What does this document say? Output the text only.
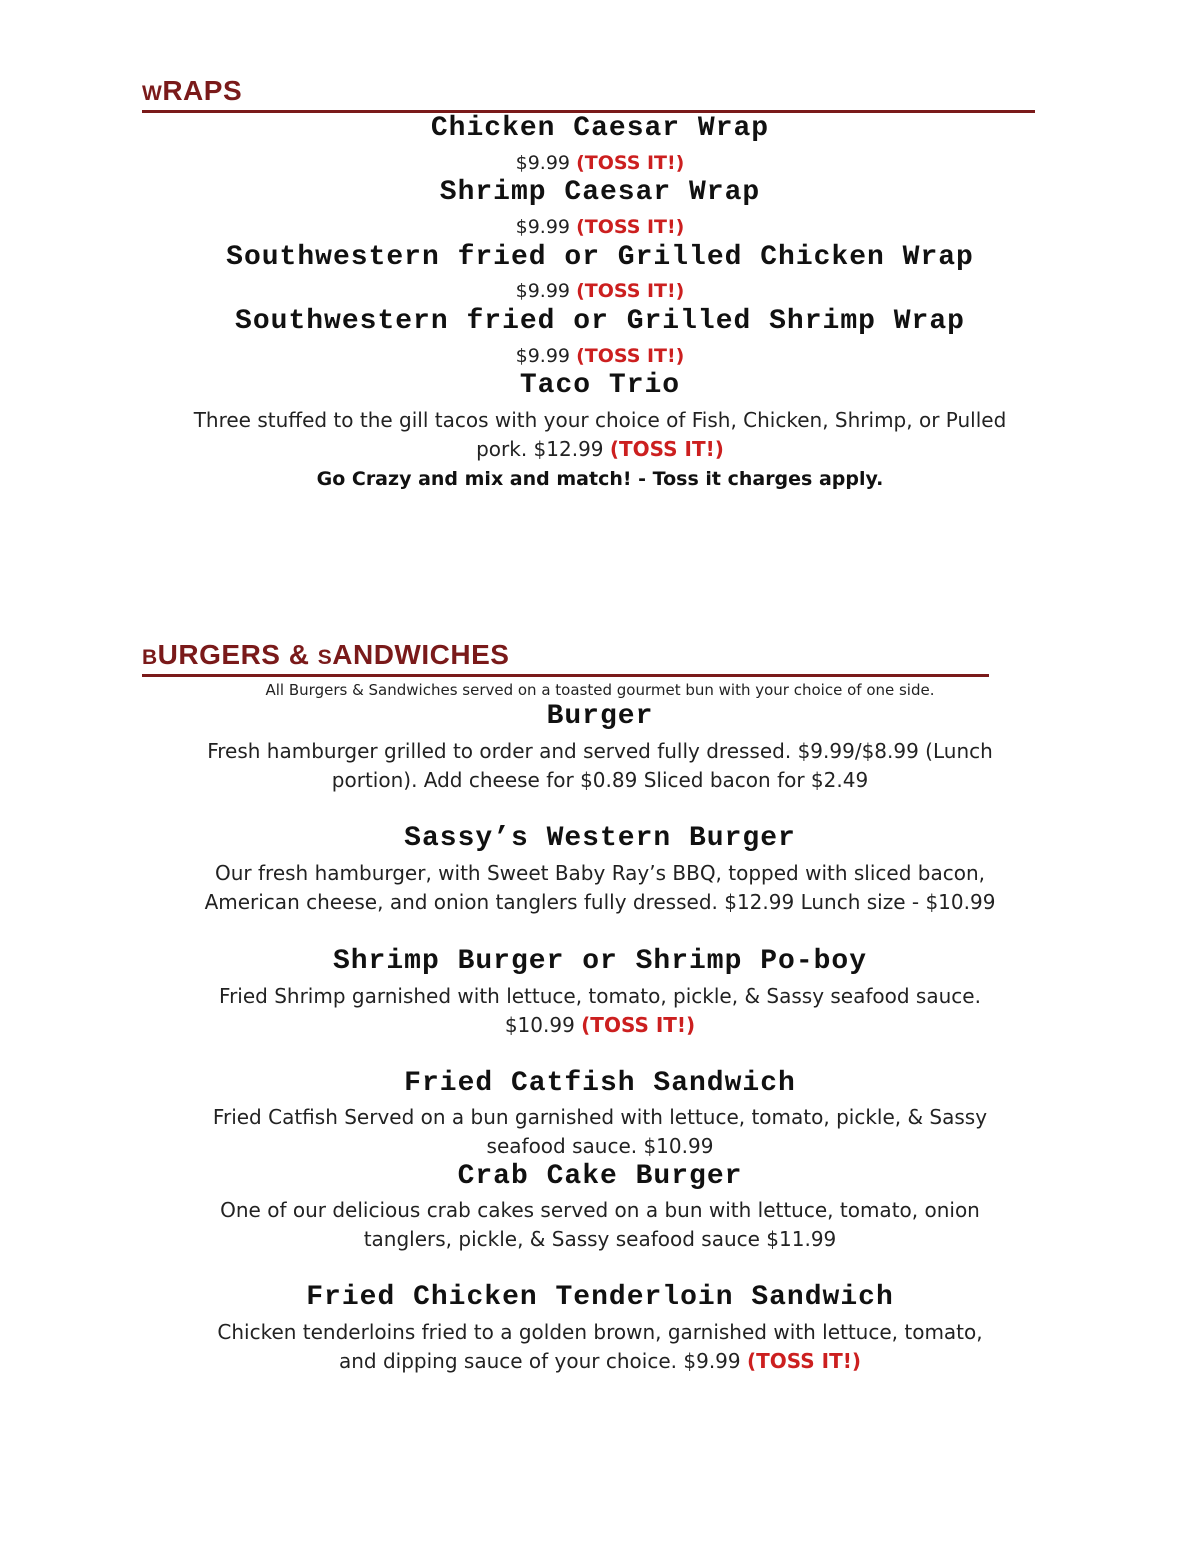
WRAPS
Chicken Caesar Wrap
$9.99 (TOSS IT!)
Shrimp Caesar Wrap
$9.99 (TOSS IT!)
Southwestern fried or Grilled Chicken Wrap
$9.99 (TOSS IT!)
Southwestern fried or Grilled Shrimp Wrap
$9.99 (TOSS IT!)
Taco Trio
Three stuffed to the gill tacos with your choice of Fish, Chicken, Shrimp, or Pulled
pork. $12.99 (TOSS IT!)
Go Crazy and mix and match! - Toss it charges apply.
BURGERS & SANDWICHES
All Burgers & Sandwiches served on a toasted gourmet bun with your choice of one side.
Burger
Fresh hamburger grilled to order and served fully dressed. $9.99/$8.99 (Lunch
portion). Add cheese for $0.89 Sliced bacon for $2.49
Sassy’s Western Burger
Our fresh hamburger, with Sweet Baby Ray’s BBQ, topped with sliced bacon,
American cheese, and onion tanglers fully dressed. $12.99 Lunch size - $10.99
Shrimp Burger or Shrimp Po-boy
Fried Shrimp garnished with lettuce, tomato, pickle, & Sassy seafood sauce.
$10.99 (TOSS IT!)
Fried Catfish Sandwich
Fried Catfish Served on a bun garnished with lettuce, tomato, pickle, & Sassy
seafood sauce. $10.99
Crab Cake Burger
One of our delicious crab cakes served on a bun with lettuce, tomato, onion
tanglers, pickle, & Sassy seafood sauce $11.99
Fried Chicken Tenderloin Sandwich
Chicken tenderloins fried to a golden brown, garnished with lettuce, tomato,
and dipping sauce of your choice. $9.99 (TOSS IT!)
